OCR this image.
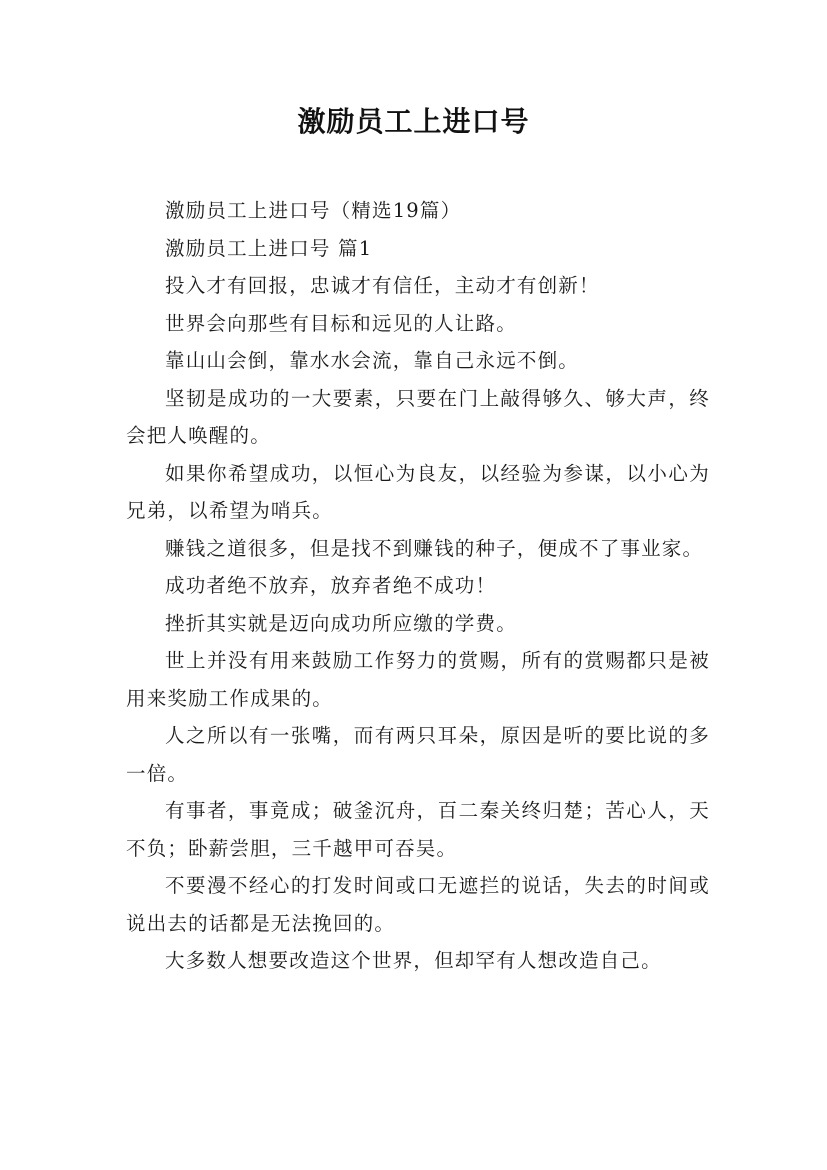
激励员工上进口号

激励员工上进口号（精选19篇）

激励员工上进口号 篇1

投入才有回报，忠诚才有信任，主动才有创新！

世界会向那些有目标和远见的人让路。

靠山山会倒，靠水水会流，靠自己永远不倒。

坚韧是成功的一大要素，只要在门上敲得够久、够大声，终会把人唤醒的。

如果你希望成功，以恒心为良友，以经验为参谋，以小心为兄弟，以希望为哨兵。

赚钱之道很多，但是找不到赚钱的种子，便成不了事业家。

成功者绝不放弃，放弃者绝不成功！

挫折其实就是迈向成功所应缴的学费。

世上并没有用来鼓励工作努力的赏赐，所有的赏赐都只是被用来奖励工作成果的。

人之所以有一张嘴，而有两只耳朵，原因是听的要比说的多一倍。

有事者，事竟成；破釜沉舟，百二秦关终归楚；苦心人，天不负；卧薪尝胆，三千越甲可吞吴。

不要漫不经心的打发时间或口无遮拦的说话，失去的时间或说出去的话都是无法挽回的。

大多数人想要改造这个世界，但却罕有人想改造自己。
